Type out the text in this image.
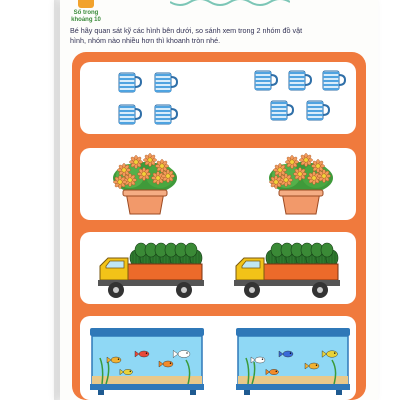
Số trong
khoảng 10
Bé hãy quan sát kỹ các hình bên dưới, so sánh xem trong 2 nhóm đồ vật
hình, nhóm nào nhiều hơn thì khoanh tròn nhé.
